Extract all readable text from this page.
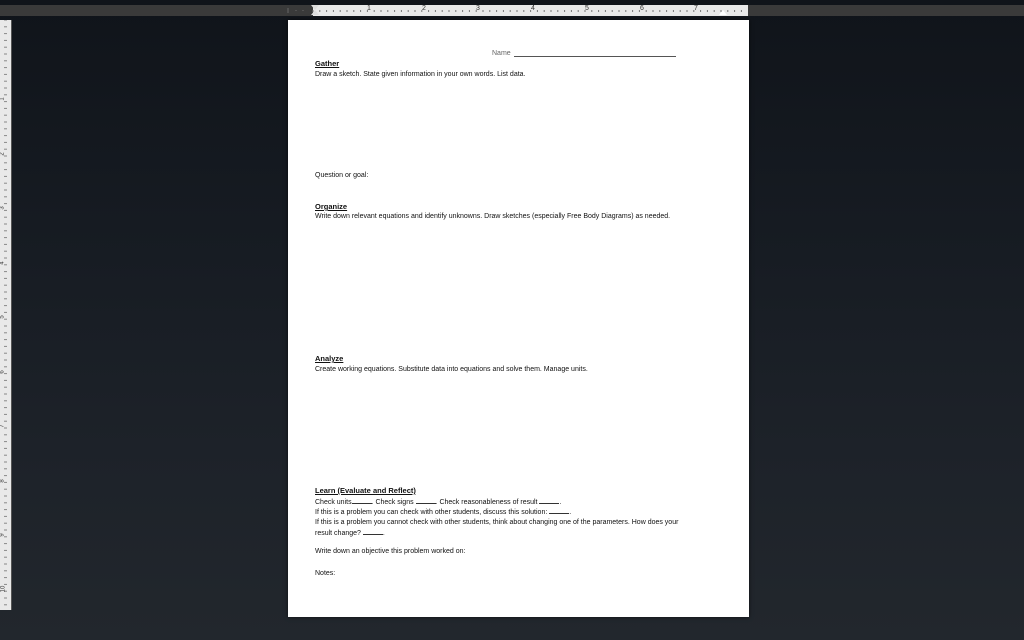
1	2	3	4	5	6	7
1
2
3
4
5
6
7
8
9
10
Name
Gather
Draw a sketch. State given information in your own words. List data.
Question or goal:
Organize
Write down relevant equations and identify unknowns. Draw sketches (especially Free Body Diagrams) as needed.
Analyze
Create working equations. Substitute data into equations and solve them. Manage units.
Learn (Evaluate and Reflect)
Check units	. Check signs	. Check reasonableness of result	.
If this is a problem you can check with other students, discuss this solution:	.
If this is a problem you cannot check with other students, think about changing one of the parameters. How does your
result change?	.
Write down an objective this problem worked on:
Notes:
